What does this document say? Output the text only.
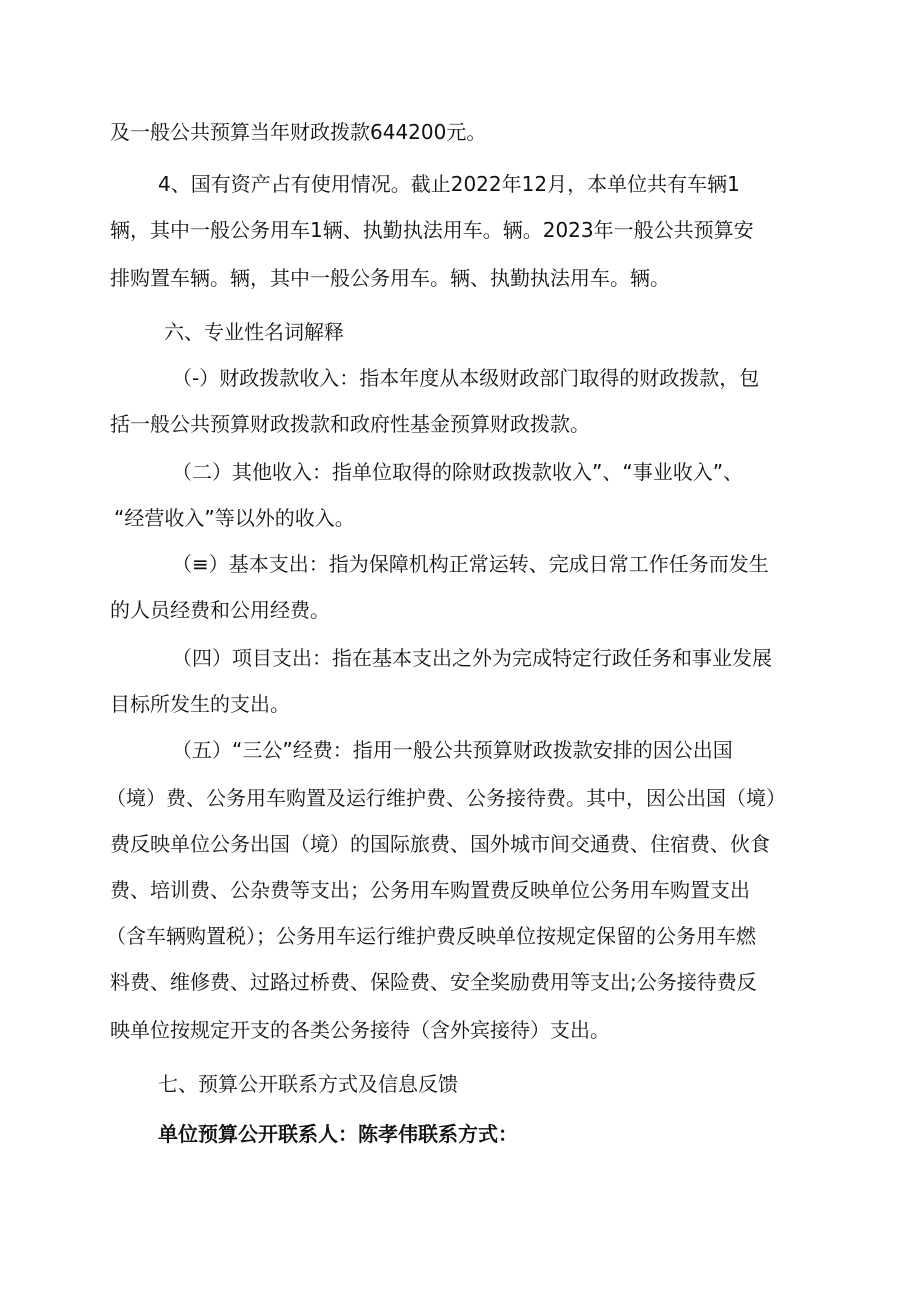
及一般公共预算当年财政拨款644200元。

4、国有资产占有使用情况。截止2022年12月，本单位共有车辆1

辆，其中一般公务用车1辆、执勤执法用车。辆。2023年一般公共预算安

排购置车辆。辆，其中一般公务用车。辆、执勤执法用车。辆。

六、专业性名词解释

（-）财政拨款收入：指本年度从本级财政部门取得的财政拨款，包

括一般公共预算财政拨款和政府性基金预算财政拨款。

（二）其他收入：指单位取得的除财政拨款收入”、“事业收入”、

“经营收入”等以外的收入。

（≡）基本支出：指为保障机构正常运转、完成日常工作任务而发生

的人员经费和公用经费。

（四）项目支出：指在基本支出之外为完成特定行政任务和事业发展

目标所发生的支出。

（五）“三公”经费：指用一般公共预算财政拨款安排的因公出国

（境）费、公务用车购置及运行维护费、公务接待费。其中，因公出国（境）

费反映单位公务出国（境）的国际旅费、国外城市间交通费、住宿费、伙食

费、培训费、公杂费等支出；公务用车购置费反映单位公务用车购置支出

（含车辆购置税）；公务用车运行维护费反映单位按规定保留的公务用车燃

料费、维修费、过路过桥费、保险费、安全奖励费用等支出;公务接待费反

映单位按规定开支的各类公务接待（含外宾接待）支出。

七、预算公开联系方式及信息反馈

单位预算公开联系人：陈孝伟联系方式：
